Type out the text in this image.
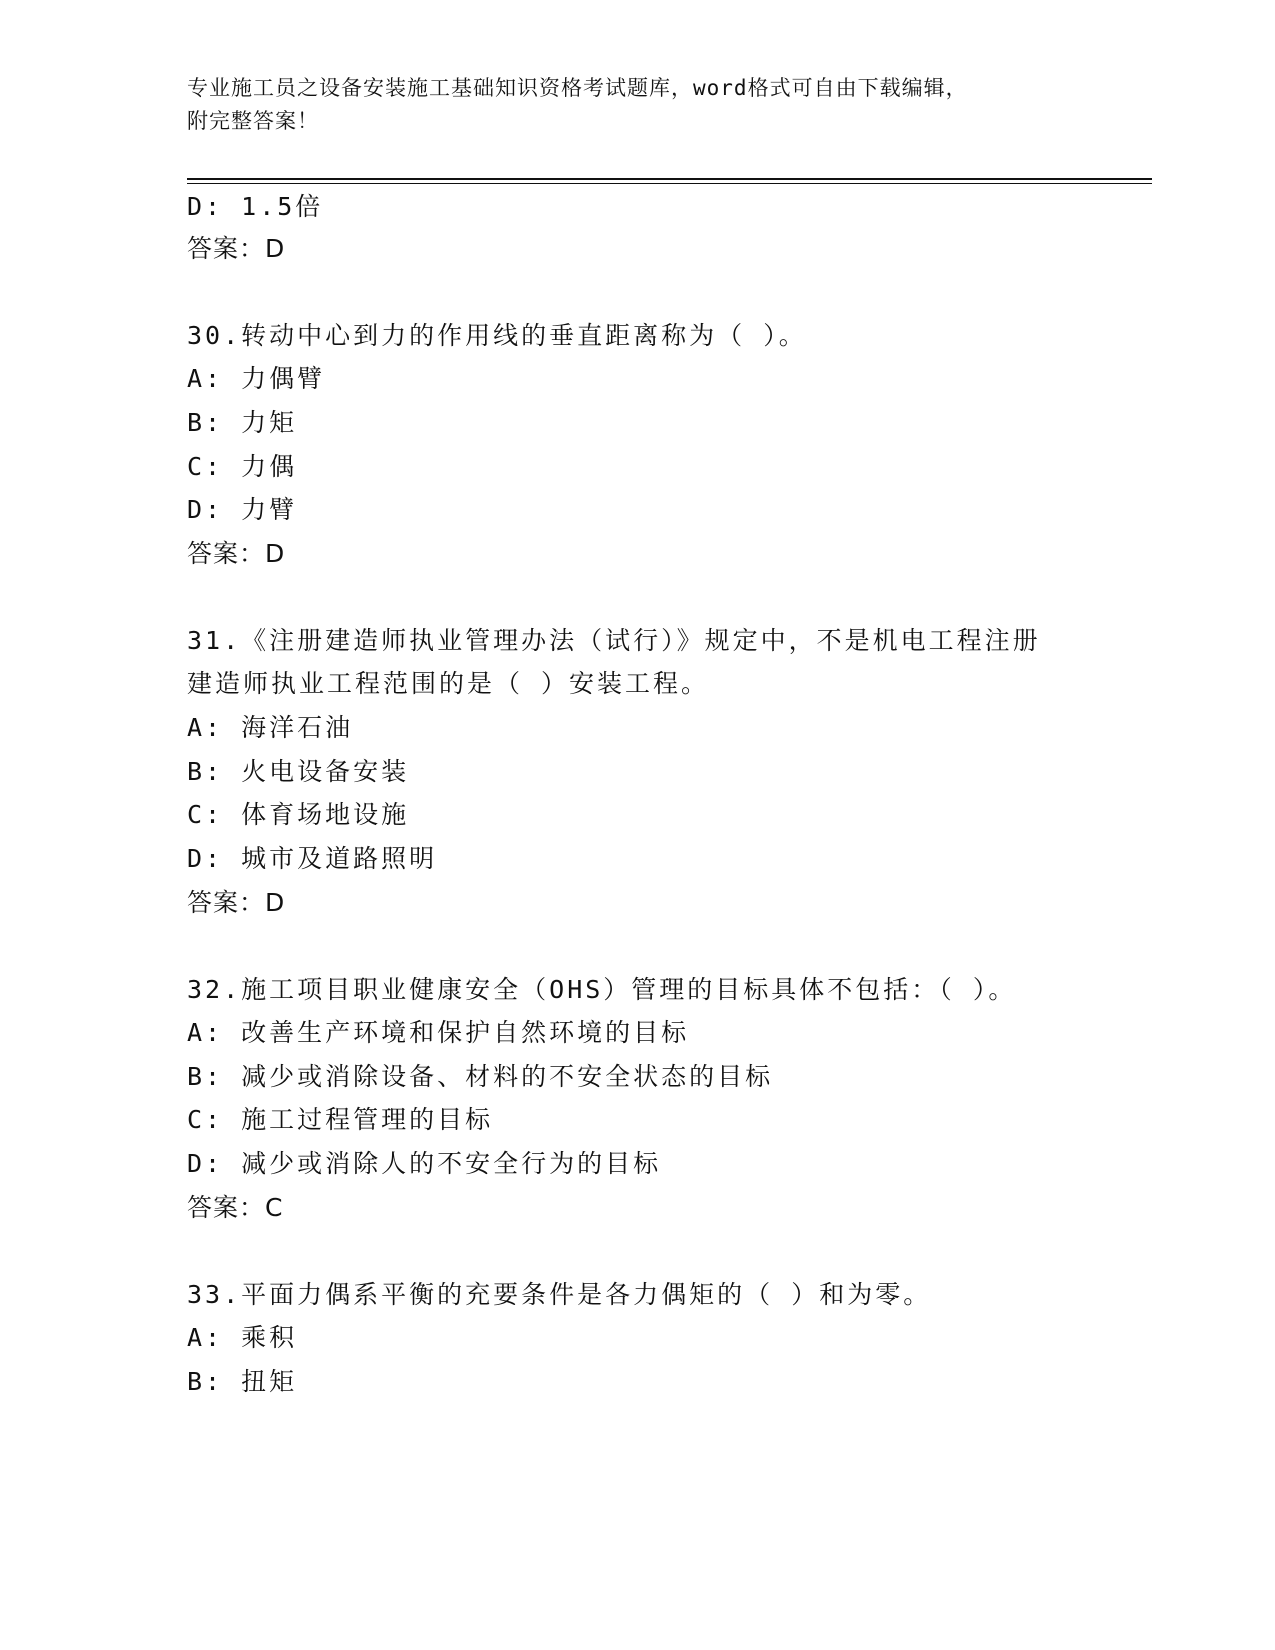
专业施工员之设备安装施工基础知识资格考试题库，word格式可自由下载编辑，
附完整答案！
D: 1.5倍
答案：D
30.转动中心到力的作用线的垂直距离称为（ ）。
A: 力偶臂
B: 力矩
C: 力偶
D: 力臂
答案：D
31.《注册建造师执业管理办法（试行）》规定中，不是机电工程注册
建造师执业工程范围的是（ ）安装工程。
A: 海洋石油
B: 火电设备安装
C: 体育场地设施
D: 城市及道路照明
答案：D
32.施工项目职业健康安全（OHS）管理的目标具体不包括：（ ）。
A: 改善生产环境和保护自然环境的目标
B: 减少或消除设备、材料的不安全状态的目标
C: 施工过程管理的目标
D: 减少或消除人的不安全行为的目标
答案：C
33.平面力偶系平衡的充要条件是各力偶矩的（ ）和为零。
A: 乘积
B: 扭矩
